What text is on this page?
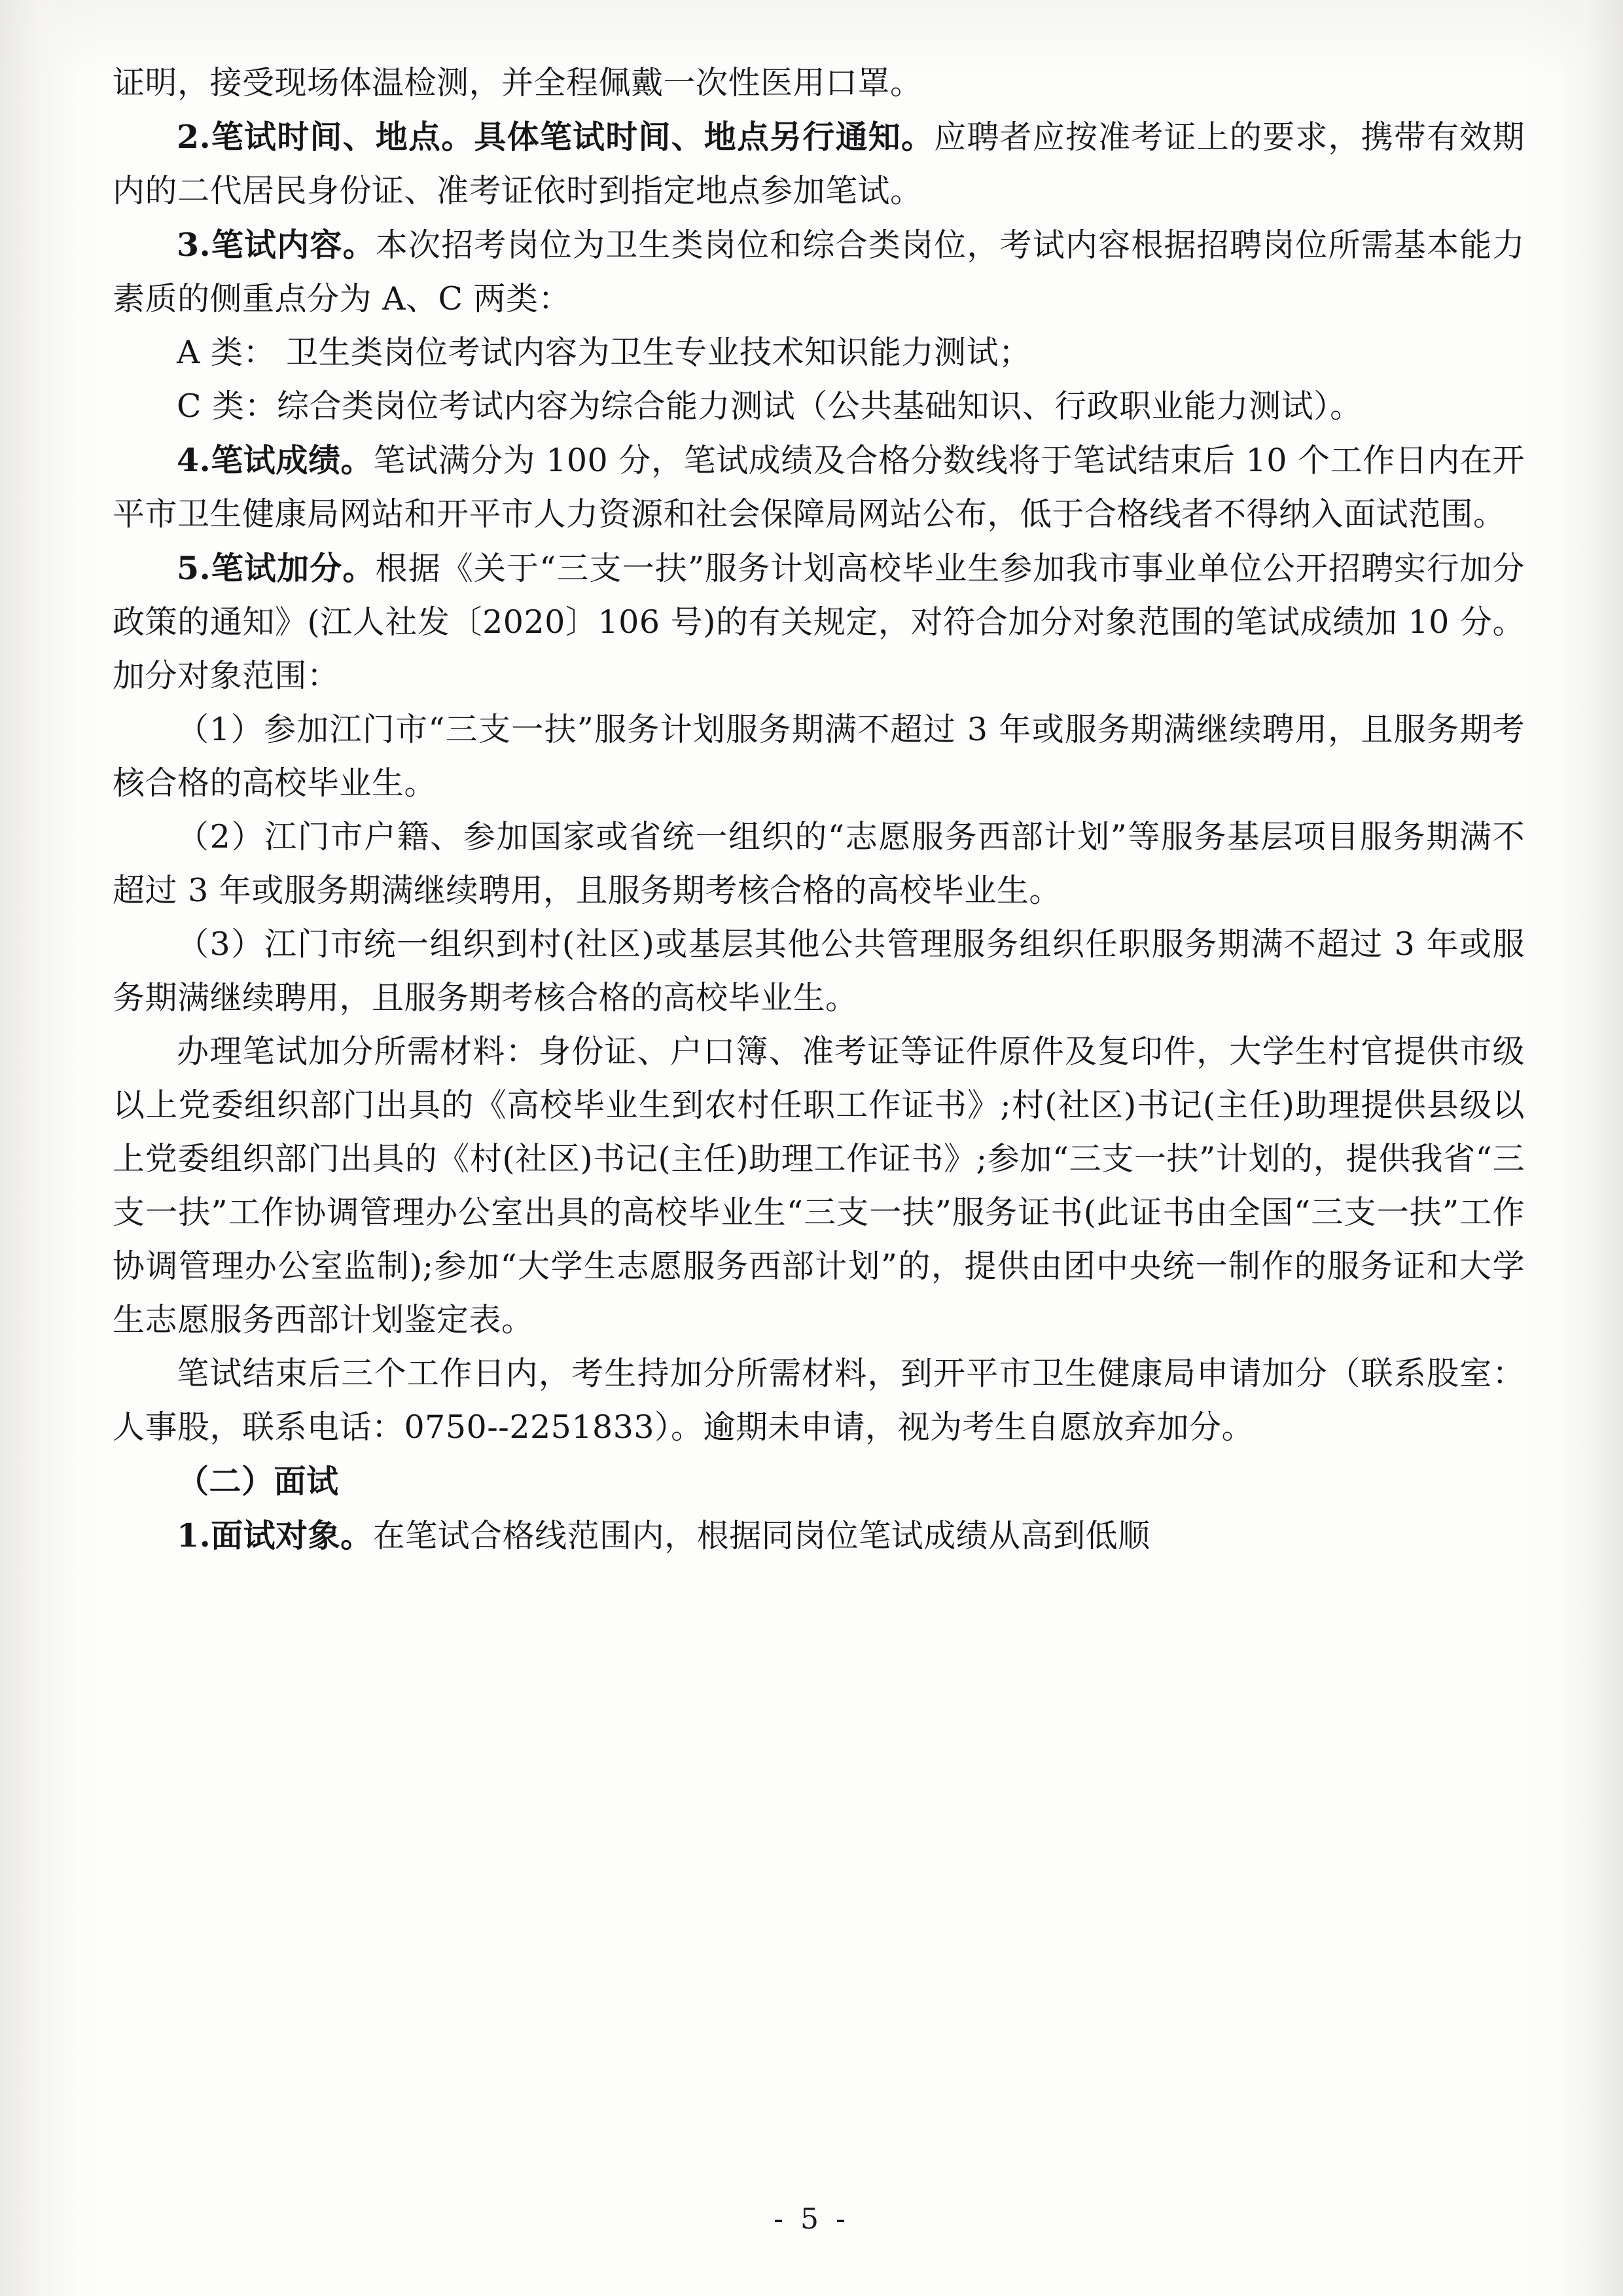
证明，接受现场体温检测，并全程佩戴一次性医用口罩。

2.笔试时间、地点。具体笔试时间、地点另行通知。应聘者应按准考证上的要求，携带有效期内的二代居民身份证、准考证依时到指定地点参加笔试。

3.笔试内容。本次招考岗位为卫生类岗位和综合类岗位，考试内容根据招聘岗位所需基本能力素质的侧重点分为 A、C 两类：

A 类： 卫生类岗位考试内容为卫生专业技术知识能力测试；

C 类：综合类岗位考试内容为综合能力测试（公共基础知识、行政职业能力测试）。

4.笔试成绩。笔试满分为 100 分，笔试成绩及合格分数线将于笔试结束后 10 个工作日内在开平市卫生健康局网站和开平市人力资源和社会保障局网站公布，低于合格线者不得纳入面试范围。

5.笔试加分。根据《关于“三支一扶”服务计划高校毕业生参加我市事业单位公开招聘实行加分政策的通知》(江人社发〔2020〕106 号)的有关规定，对符合加分对象范围的笔试成绩加 10 分。加分对象范围：

（1）参加江门市“三支一扶”服务计划服务期满不超过 3 年或服务期满继续聘用，且服务期考核合格的高校毕业生。

（2）江门市户籍、参加国家或省统一组织的“志愿服务西部计划”等服务基层项目服务期满不超过 3 年或服务期满继续聘用，且服务期考核合格的高校毕业生。

（3）江门市统一组织到村(社区)或基层其他公共管理服务组织任职服务期满不超过 3 年或服务期满继续聘用，且服务期考核合格的高校毕业生。

办理笔试加分所需材料：身份证、户口簿、准考证等证件原件及复印件，大学生村官提供市级以上党委组织部门出具的《高校毕业生到农村任职工作证书》;村(社区)书记(主任)助理提供县级以上党委组织部门出具的《村(社区)书记(主任)助理工作证书》;参加“三支一扶”计划的，提供我省“三支一扶”工作协调管理办公室出具的高校毕业生“三支一扶”服务证书(此证书由全国“三支一扶”工作协调管理办公室监制);参加“大学生志愿服务西部计划”的，提供由团中央统一制作的服务证和大学生志愿服务西部计划鉴定表。

笔试结束后三个工作日内，考生持加分所需材料，到开平市卫生健康局申请加分（联系股室：人事股，联系电话：0750--2251833）。逾期未申请，视为考生自愿放弃加分。

（二）面试

1.面试对象。在笔试合格线范围内，根据同岗位笔试成绩从高到低顺

- 5 -
